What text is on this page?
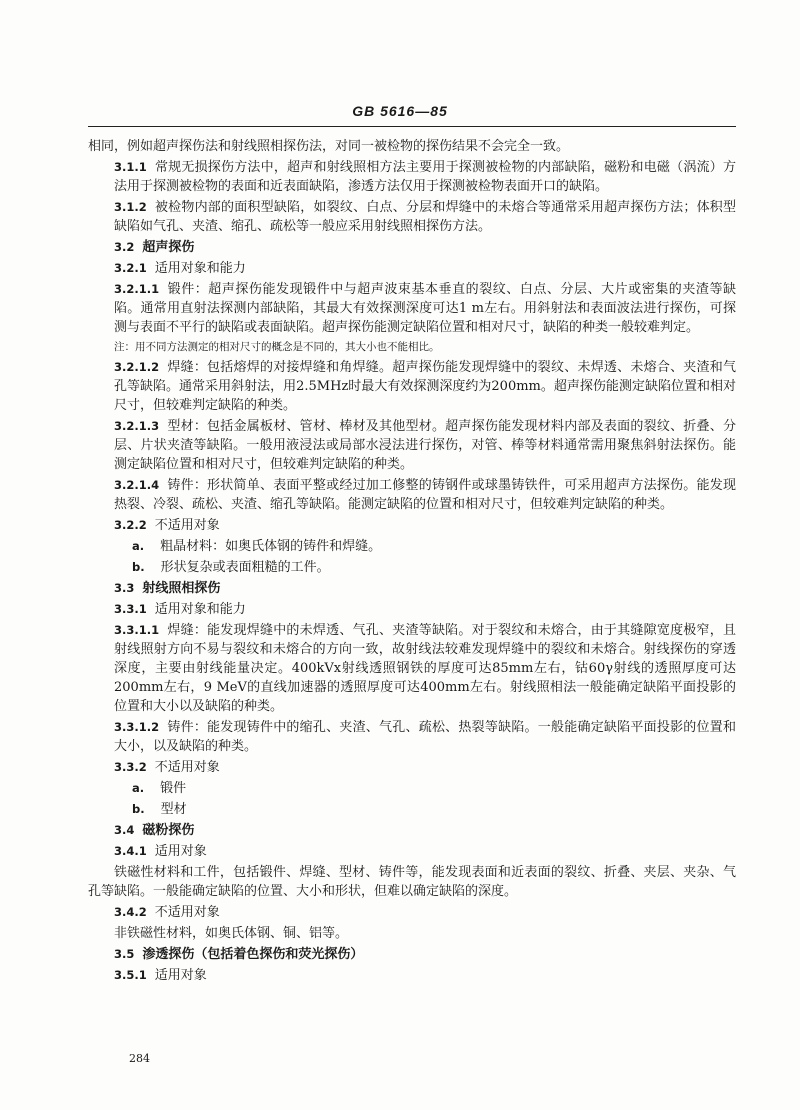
GB 5616—85
相同，例如超声探伤法和射线照相探伤法，对同一被检物的探伤结果不会完全一致。
3.1.1 常规无损探伤方法中，超声和射线照相方法主要用于探测被检物的内部缺陷，磁粉和电磁（涡流）方法用于探测被检物的表面和近表面缺陷，渗透方法仅用于探测被检物表面开口的缺陷。
3.1.2 被检物内部的面积型缺陷，如裂纹、白点、分层和焊缝中的未熔合等通常采用超声探伤方法；体积型缺陷如气孔、夹渣、缩孔、疏松等一般应采用射线照相探伤方法。
3.2 超声探伤
3.2.1 适用对象和能力
3.2.1.1 锻件：超声探伤能发现锻件中与超声波束基本垂直的裂纹、白点、分层、大片或密集的夹渣等缺陷。通常用直射法探测内部缺陷，其最大有效探测深度可达1 m左右。用斜射法和表面波法进行探伤，可探测与表面不平行的缺陷或表面缺陷。超声探伤能测定缺陷位置和相对尺寸，缺陷的种类一般较难判定。
注：用不同方法测定的相对尺寸的概念是不同的，其大小也不能相比。
3.2.1.2 焊缝：包括熔焊的对接焊缝和角焊缝。超声探伤能发现焊缝中的裂纹、未焊透、未熔合、夹渣和气孔等缺陷。通常采用斜射法，用2.5MHz时最大有效探测深度约为200mm。超声探伤能测定缺陷位置和相对尺寸，但较难判定缺陷的种类。
3.2.1.3 型材：包括金属板材、管材、棒材及其他型材。超声探伤能发现材料内部及表面的裂纹、折叠、分层、片状夹渣等缺陷。一般用液浸法或局部水浸法进行探伤，对管、棒等材料通常需用聚焦斜射法探伤。能测定缺陷位置和相对尺寸，但较难判定缺陷的种类。
3.2.1.4 铸件：形状简单、表面平整或经过加工修整的铸钢件或球墨铸铁件，可采用超声方法探伤。能发现热裂、冷裂、疏松、夹渣、缩孔等缺陷。能测定缺陷的位置和相对尺寸，但较难判定缺陷的种类。
3.2.2 不适用对象
a. 粗晶材料：如奥氏体钢的铸件和焊缝。
b. 形状复杂或表面粗糙的工件。
3.3 射线照相探伤
3.3.1 适用对象和能力
3.3.1.1 焊缝：能发现焊缝中的未焊透、气孔、夹渣等缺陷。对于裂纹和未熔合，由于其缝隙宽度极窄，且射线照射方向不易与裂纹和未熔合的方向一致，故射线法较难发现焊缝中的裂纹和未熔合。射线探伤的穿透深度，主要由射线能量决定。400kVx射线透照钢铁的厚度可达85mm左右，钴60γ射线的透照厚度可达200mm左右，9 MeV的直线加速器的透照厚度可达400mm左右。射线照相法一般能确定缺陷平面投影的位置和大小以及缺陷的种类。
3.3.1.2 铸件：能发现铸件中的缩孔、夹渣、气孔、疏松、热裂等缺陷。一般能确定缺陷平面投影的位置和大小，以及缺陷的种类。
3.3.2 不适用对象
a. 锻件
b. 型材
3.4 磁粉探伤
3.4.1 适用对象
铁磁性材料和工件，包括锻件、焊缝、型材、铸件等，能发现表面和近表面的裂纹、折叠、夹层、夹杂、气孔等缺陷。一般能确定缺陷的位置、大小和形状，但难以确定缺陷的深度。
3.4.2 不适用对象
非铁磁性材料，如奥氏体钢、铜、铝等。
3.5 渗透探伤（包括着色探伤和荧光探伤）
3.5.1 适用对象
284
